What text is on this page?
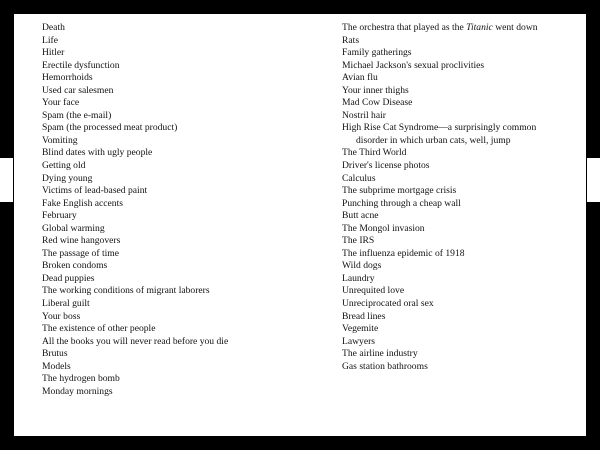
Death
Life
Hitler
Erectile dysfunction
Hemorrhoids
Used car salesmen
Your face
Spam (the e-mail)
Spam (the processed meat product)
Vomiting
Blind dates with ugly people
Getting old
Dying young
Victims of lead-based paint
Fake English accents
February
Global warming
Red wine hangovers
The passage of time
Broken condoms
Dead puppies
The working conditions of migrant laborers
Liberal guilt
Your boss
The existence of other people
All the books you will never read before you die
Brutus
Models
The hydrogen bomb
Monday mornings
The orchestra that played as the Titanic went down
Rats
Family gatherings
Michael Jackson's sexual proclivities
Avian flu
Your inner thighs
Mad Cow Disease
Nostril hair
High Rise Cat Syndrome—a surprisingly common disorder in which urban cats, well, jump
The Third World
Driver's license photos
Calculus
The subprime mortgage crisis
Punching through a cheap wall
Butt acne
The Mongol invasion
The IRS
The influenza epidemic of 1918
Wild dogs
Laundry
Unrequited love
Unreciprocated oral sex
Bread lines
Vegemite
Lawyers
The airline industry
Gas station bathrooms
